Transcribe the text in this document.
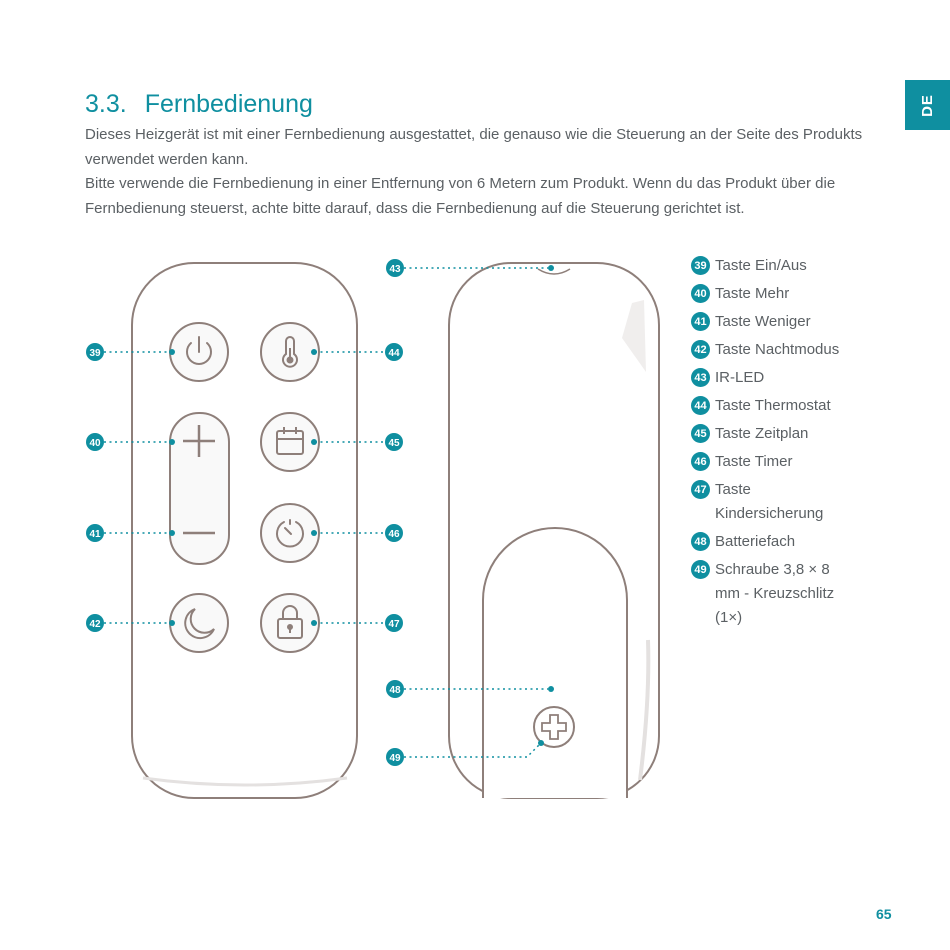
DE
3.3. Fernbedienung

Dieses Heizgerät ist mit einer Fernbedienung ausgestattet, die genauso wie die Steuerung an der Seite des Produkts verwendet werden kann.

Bitte verwende die Fernbedienung in einer Entfernung von 6 Metern zum Produkt. Wenn du das Produkt über die Fernbedienung steuerst, achte bitte darauf, dass die Fernbedienung auf die Steuerung gerichtet ist.

39
40
41
42
43
44
45
46
47
48
49
39 Taste Ein/Aus
40 Taste Mehr
41 Taste Weniger
42 Taste Nachtmodus
43 IR-LED
44 Taste Thermostat
45 Taste Zeitplan
46 Taste Timer
47 Taste Kindersicherung
48 Batteriefach
49 Schraube 3,8 × 8 mm - Kreuzschlitz (1×)
65
